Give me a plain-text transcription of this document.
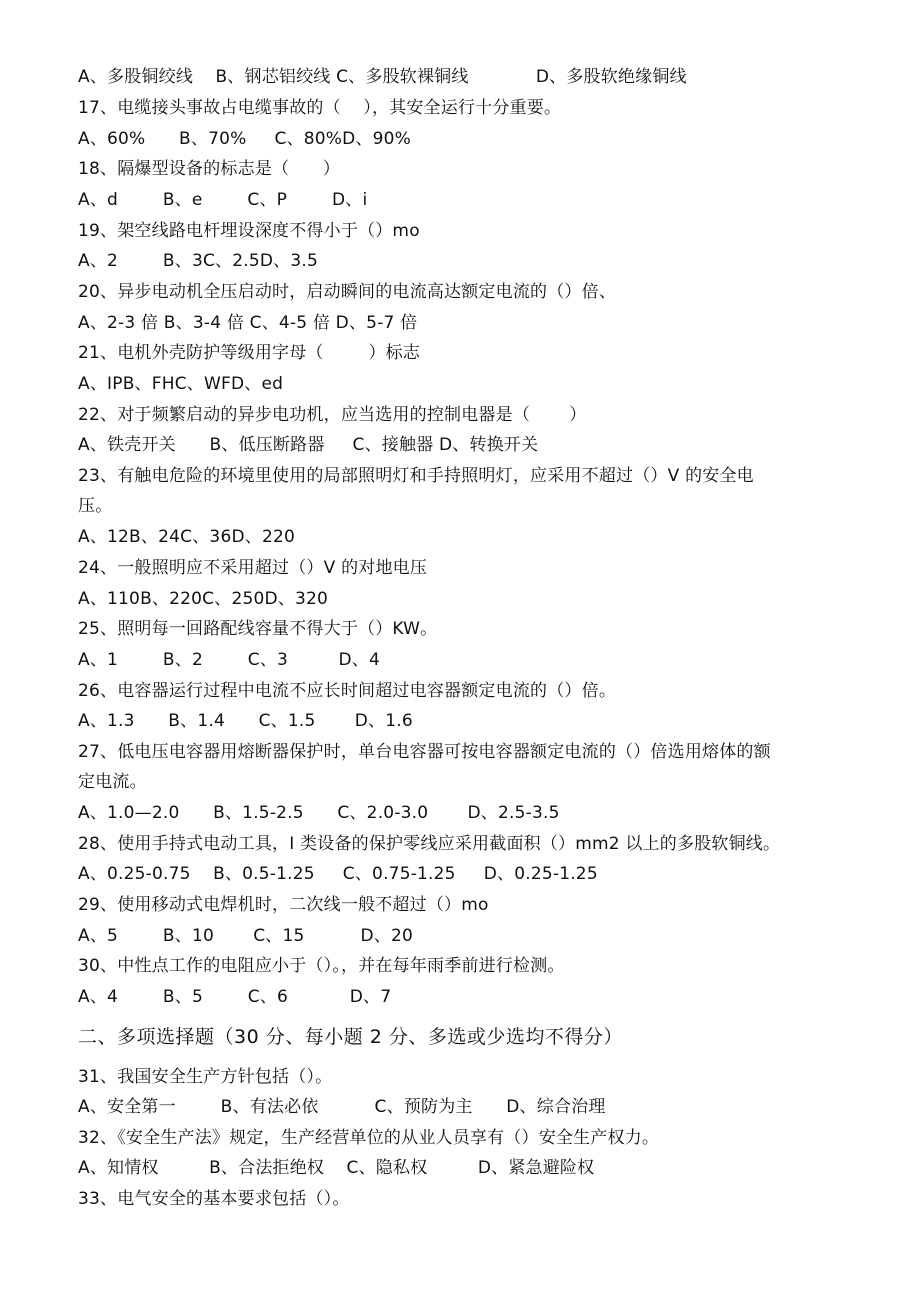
A、多股铜绞线    B、钢芯铝绞线 C、多股软裸铜线            D、多股软绝缘铜线
17、电缆接头事故占电缆事故的（    ），其安全运行十分重要。
A、60%      B、70%     C、80%D、90%
18、隔爆型设备的标志是（      ）
A、d        B、e        C、P        D、i
19、架空线路电杆埋设深度不得小于（）mo
A、2        B、3C、2.5D、3.5
20、异步电动机全压启动时，启动瞬间的电流高达额定电流的（）倍、
A、2-3 倍 B、3-4 倍 C、4-5 倍 D、5-7 倍
21、电机外壳防护等级用字母（        ）标志
A、IPB、FHC、WFD、ed
22、对于频繁启动的异步电功机，应当选用的控制电器是（       ）
A、铁壳开关      B、低压断路器     C、接触器 D、转换开关
23、有触电危险的环境里使用的局部照明灯和手持照明灯，应采用不超过（）V 的安全电
压。
A、12B、24C、36D、220
24、一般照明应不采用超过（）V 的对地电压
A、110B、220C、250D、320
25、照明每一回路配线容量不得大于（）KW。
A、1        B、2        C、3         D、4
26、电容器运行过程中电流不应长时间超过电容器额定电流的（）倍。
A、1.3      B、1.4      C、1.5       D、1.6
27、低电压电容器用熔断器保护时，单台电容器可按电容器额定电流的（）倍选用熔体的额
定电流。
A、1.0—2.0      B、1.5-2.5      C、2.0-3.0       D、2.5-3.5
28、使用手持式电动工具，I 类设备的保护零线应采用截面积（）mm2 以上的多股软铜线。
A、0.25-0.75    B、0.5-1.25     C、0.75-1.25     D、0.25-1.25
29、使用移动式电焊机时，二次线一般不超过（）mo
A、5        B、10       C、15          D、20
30、中性点工作的电阻应小于（）。，并在每年雨季前进行检测。
A、4        B、5        C、6           D、7
二、多项选择题（30 分、每小题 2 分、多选或少选均不得分）
31、我国安全生产方针包括（）。
A、安全第一        B、有法必依          C、预防为主      D、综合治理
32、《安全生产法》规定，生产经营单位的从业人员享有（）安全生产权力。
A、知情权         B、合法拒绝权    C、隐私权         D、紧急避险权
33、电气安全的基本要求包括（）。
